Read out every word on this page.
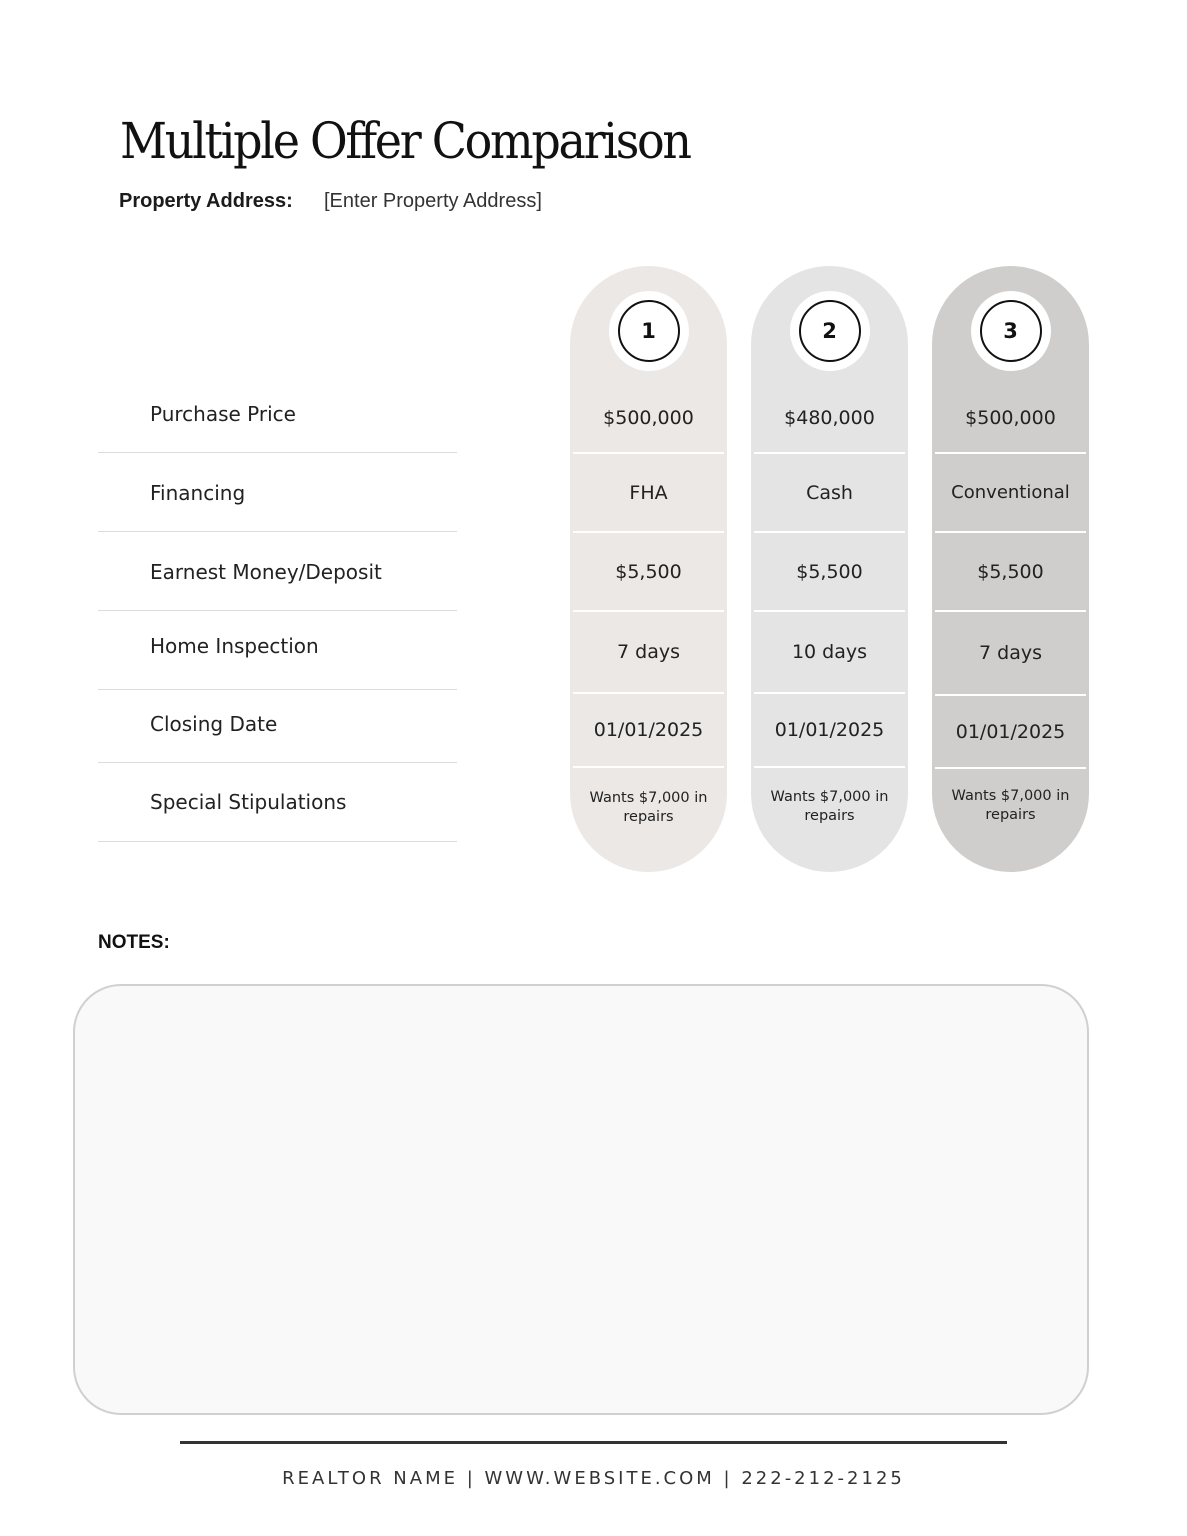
Multiple Offer Comparison
Property Address: [Enter Property Address]
Purchase Price
Financing
Earnest Money/Deposit
Home Inspection
Closing Date
Special Stipulations
1
$500,000
FHA
$5,500
7 days
01/01/2025
Wants $7,000 in repairs
2
$480,000
Cash
$5,500
10 days
01/01/2025
Wants $7,000 in repairs
3
$500,000
Conventional
$5,500
7 days
01/01/2025
Wants $7,000 in repairs
NOTES:
REALTOR NAME | WWW.WEBSITE.COM | 222-212-2125
